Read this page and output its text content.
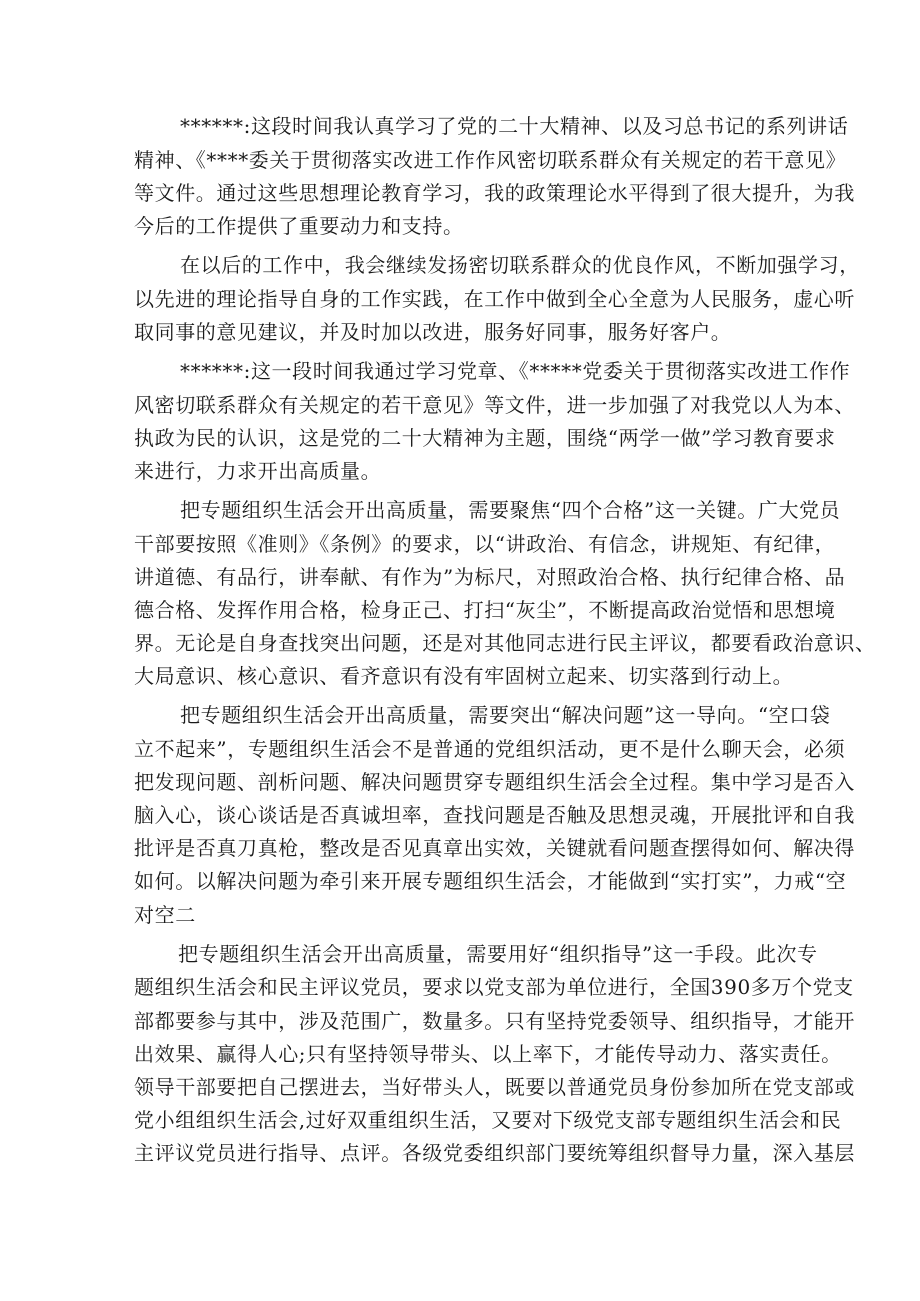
******:这段时间我认真学习了党的二十大精神、以及习总书记的系列讲话
精神、《****委关于贯彻落实改进工作作风密切联系群众有关规定的若干意见》
等文件。通过这些思想理论教育学习，我的政策理论水平得到了很大提升，为我
今后的工作提供了重要动力和支持。
在以后的工作中，我会继续发扬密切联系群众的优良作风，不断加强学习，
以先进的理论指导自身的工作实践，在工作中做到全心全意为人民服务，虚心听
取同事的意见建议，并及时加以改进，服务好同事，服务好客户。
******:这一段时间我通过学习党章、《*****党委关于贯彻落实改进工作作
风密切联系群众有关规定的若干意见》等文件，进一步加强了对我党以人为本、
执政为民的认识，这是党的二十大精神为主题，围绕“两学一做”学习教育要求
来进行，力求开出高质量。
把专题组织生活会开出高质量，需要聚焦“四个合格”这一关键。广大党员
干部要按照《准则》《条例》的要求，以“讲政治、有信念，讲规矩、有纪律，
讲道德、有品行，讲奉献、有作为”为标尺，对照政治合格、执行纪律合格、品
德合格、发挥作用合格，检身正己、打扫“灰尘”，不断提高政治觉悟和思想境
界。无论是自身查找突出问题，还是对其他同志进行民主评议，都要看政治意识、
大局意识、核心意识、看齐意识有没有牢固树立起来、切实落到行动上。
把专题组织生活会开出高质量，需要突出“解决问题”这一导向。“空口袋
立不起来”，专题组织生活会不是普通的党组织活动，更不是什么聊天会，必须
把发现问题、剖析问题、解决问题贯穿专题组织生活会全过程。集中学习是否入
脑入心，谈心谈话是否真诚坦率，查找问题是否触及思想灵魂，开展批评和自我
批评是否真刀真枪，整改是否见真章出实效，关键就看问题查摆得如何、解决得
如何。以解决问题为牵引来开展专题组织生活会，才能做到“实打实”，力戒“空
对空二
把专题组织生活会开出高质量，需要用好“组织指导”这一手段。此次专
题组织生活会和民主评议党员，要求以党支部为单位进行，全国390多万个党支
部都要参与其中，涉及范围广，数量多。只有坚持党委领导、组织指导，才能开
出效果、赢得人心;只有坚持领导带头、以上率下，才能传导动力、落实责任。
领导干部要把自己摆进去，当好带头人，既要以普通党员身份参加所在党支部或
党小组组织生活会,过好双重组织生活，又要对下级党支部专题组织生活会和民
主评议党员进行指导、点评。各级党委组织部门要统筹组织督导力量，深入基层
